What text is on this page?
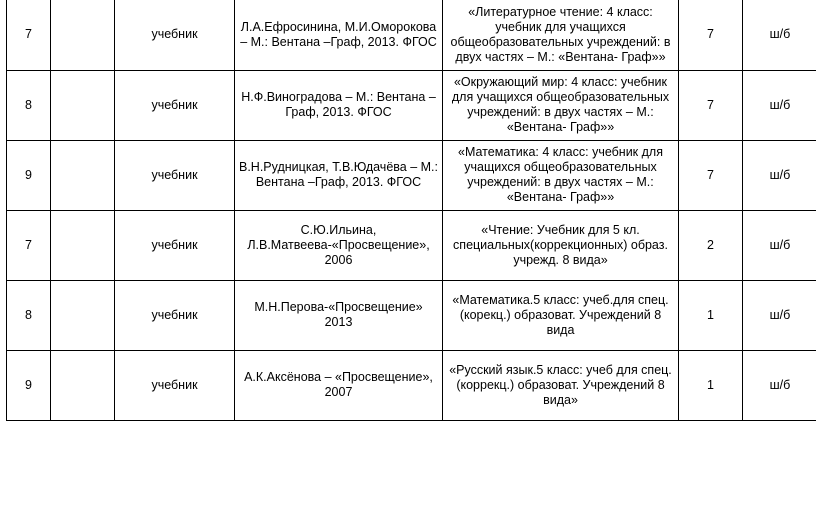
7		учебник	Л.А.Ефросинина, М.И.Оморокова – М.: Вентана –Граф, 2013. ФГОС	«Литературное чтение: 4 класс: учебник для учащихся общеобразовательных учреждений: в двух частях – М.: «Вентана- Граф»»	7	ш/б
8		учебник	Н.Ф.Виноградова – М.: Вентана –Граф, 2013. ФГОС	«Окружающий мир: 4 класс: учебник для учащихся общеобразовательных учреждений: в двух частях – М.: «Вентана- Граф»»	7	ш/б
9		учебник	В.Н.Рудницкая, Т.В.Юдачёва – М.: Вентана –Граф, 2013. ФГОС	«Математика: 4 класс: учебник для учащихся общеобразовательных учреждений: в двух частях – М.: «Вентана- Граф»»	7	ш/б
7		учебник	С.Ю.Ильина, Л.В.Матвеева-«Просвещение», 2006	«Чтение: Учебник для 5 кл. специальных(коррекционных) образ. учрежд. 8 вида»	2	ш/б
8		учебник	М.Н.Перова-«Просвещение» 2013	«Математика.5 класс: учеб.для спец. (корекц.) образоват. Учреждений 8 вида	1	ш/б
9		учебник	А.К.Аксёнова – «Просвещение», 2007	«Русский язык.5 класс: учеб для спец. (коррекц.) образоват. Учреждений 8 вида»	1	ш/б
